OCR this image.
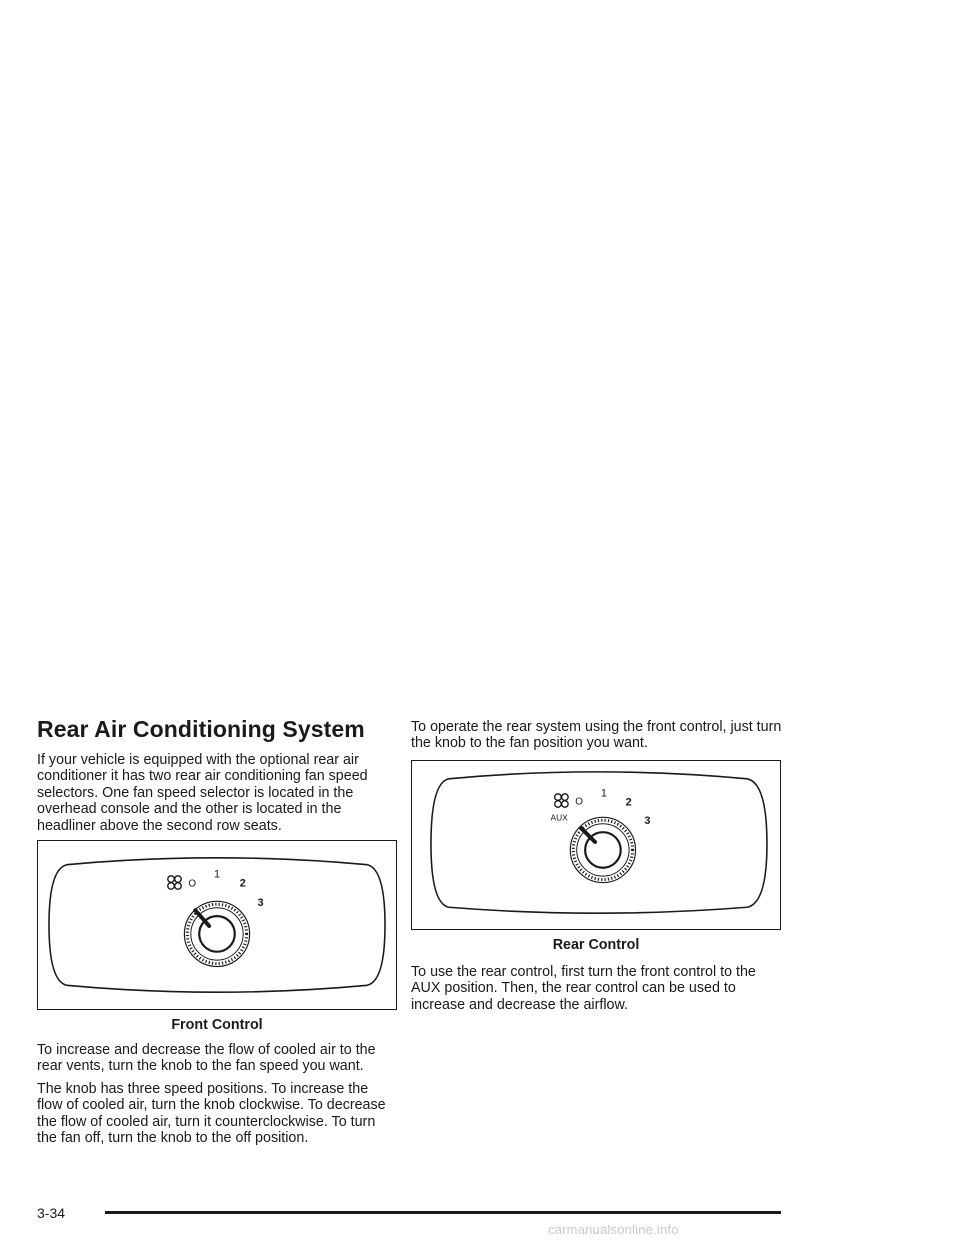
Rear Air Conditioning System

If your vehicle is equipped with the optional rear air conditioner it has two rear air conditioning fan speed selectors. One fan speed selector is located in the overhead console and the other is located in the headliner above the second row seats.

O
1
2
3
Front Control

To increase and decrease the flow of cooled air to the rear vents, turn the knob to the fan speed you want.

The knob has three speed positions. To increase the flow of cooled air, turn the knob clockwise. To decrease the flow of cooled air, turn it counterclockwise. To turn the fan off, turn the knob to the off position.

To operate the rear system using the front control, just turn the knob to the fan position you want.

O
1
2
3
AUX
Rear Control

To use the rear control, first turn the front control to the AUX position. Then, the rear control can be used to increase and decrease the airflow.

3-34
carmanualsonline.info
